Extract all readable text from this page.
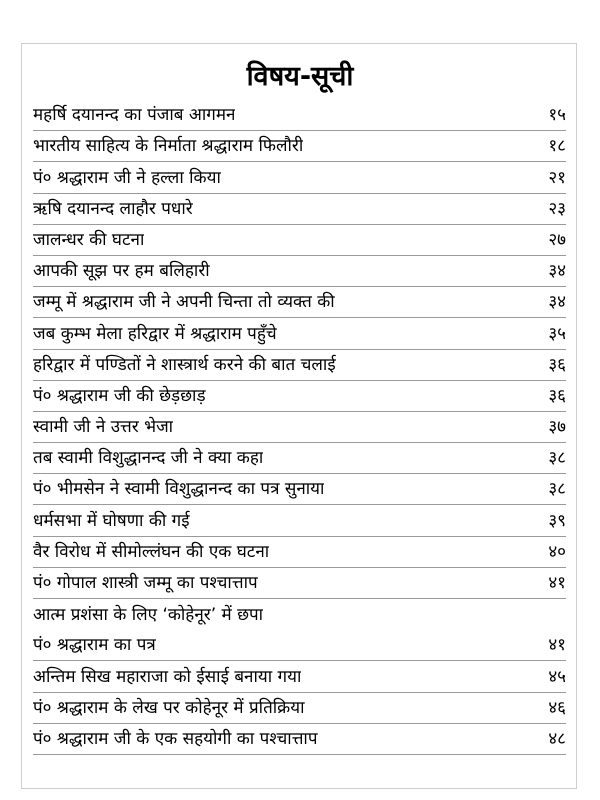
विषय-सूची
महर्षि दयानन्द का पंजाब आगमन	१५
भारतीय साहित्य के निर्माता श्रद्धाराम फिलौरी	१८
पं० श्रद्धाराम जी ने हल्ला किया	२१
ऋषि दयानन्द लाहौर पधारे	२३
जालन्धर की घटना	२७
आपकी सूझ पर हम बलिहारी	३४
जम्मू में श्रद्धाराम जी ने अपनी चिन्ता तो व्यक्त की	३४
जब कुम्भ मेला हरिद्वार में श्रद्धाराम पहुँचे	३५
हरिद्वार में पण्डितों ने शास्त्रार्थ करने की बात चलाई	३६
पं० श्रद्धाराम जी की छेड़छाड़	३६
स्वामी जी ने उत्तर भेजा	३७
तब स्वामी विशुद्धानन्द जी ने क्या कहा	३८
पं० भीमसेन ने स्वामी विशुद्धानन्द का पत्र सुनाया	३८
धर्मसभा में घोषणा की गई	३९
वैर विरोध में सीमोल्लंघन की एक घटना	४०
पं० गोपाल शास्त्री जम्मू का पश्चात्ताप	४१
आत्म प्रशंसा के लिए ‘कोहेनूर’ में छपा
पं० श्रद्धाराम का पत्र	४१
अन्तिम सिख महाराजा को ईसाई बनाया गया	४५
पं० श्रद्धाराम के लेख पर कोहेनूर में प्रतिक्रिया	४६
पं० श्रद्धाराम जी के एक सहयोगी का पश्चात्ताप	४८
